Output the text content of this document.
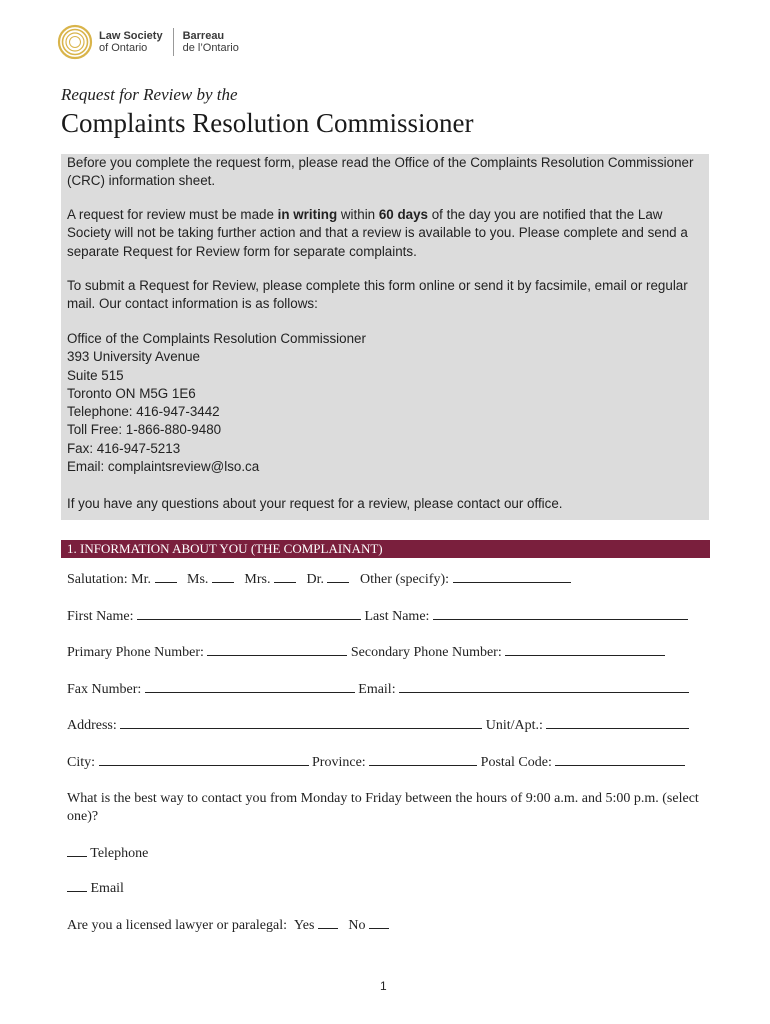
Law Society
of Ontario
Barreau
de l’Ontario
Request for Review by the
Complaints Resolution Commissioner

Before you complete the request form, please read the Office of the Complaints Resolution Commissioner (CRC) information sheet.

A request for review must be made in writing within 60 days of the day you are notified that the Law Society will not be taking further action and that a review is available to you. Please complete and send a separate Request for Review form for separate complaints.

To submit a Request for Review, please complete this form online or send it by facsimile, email or regular mail. Our contact information is as follows:

Office of the Complaints Resolution Commissioner
393 University Avenue
Suite 515
Toronto ON M5G 1E6
Telephone: 416-947-3442
Toll Free: 1-866-880-9480
Fax: 416-947-5213
Email: complaintsreview@lso.ca

If you have any questions about your request for a review, please contact our office.

1. INFORMATION ABOUT YOU (THE COMPLAINANT)
Salutation: Mr.	Ms.	Mrs.	Dr.	Other (specify):
First Name:	Last Name:
Primary Phone Number:	Secondary Phone Number:
Fax Number:	Email:
Address:	Unit/Apt.:
City:	Province:	Postal Code:
What is the best way to contact you from Monday to Friday between the hours of 9:00 a.m. and 5:00 p.m. (select one)?
Telephone
Email
Are you a licensed lawyer or paralegal: Yes No
1
